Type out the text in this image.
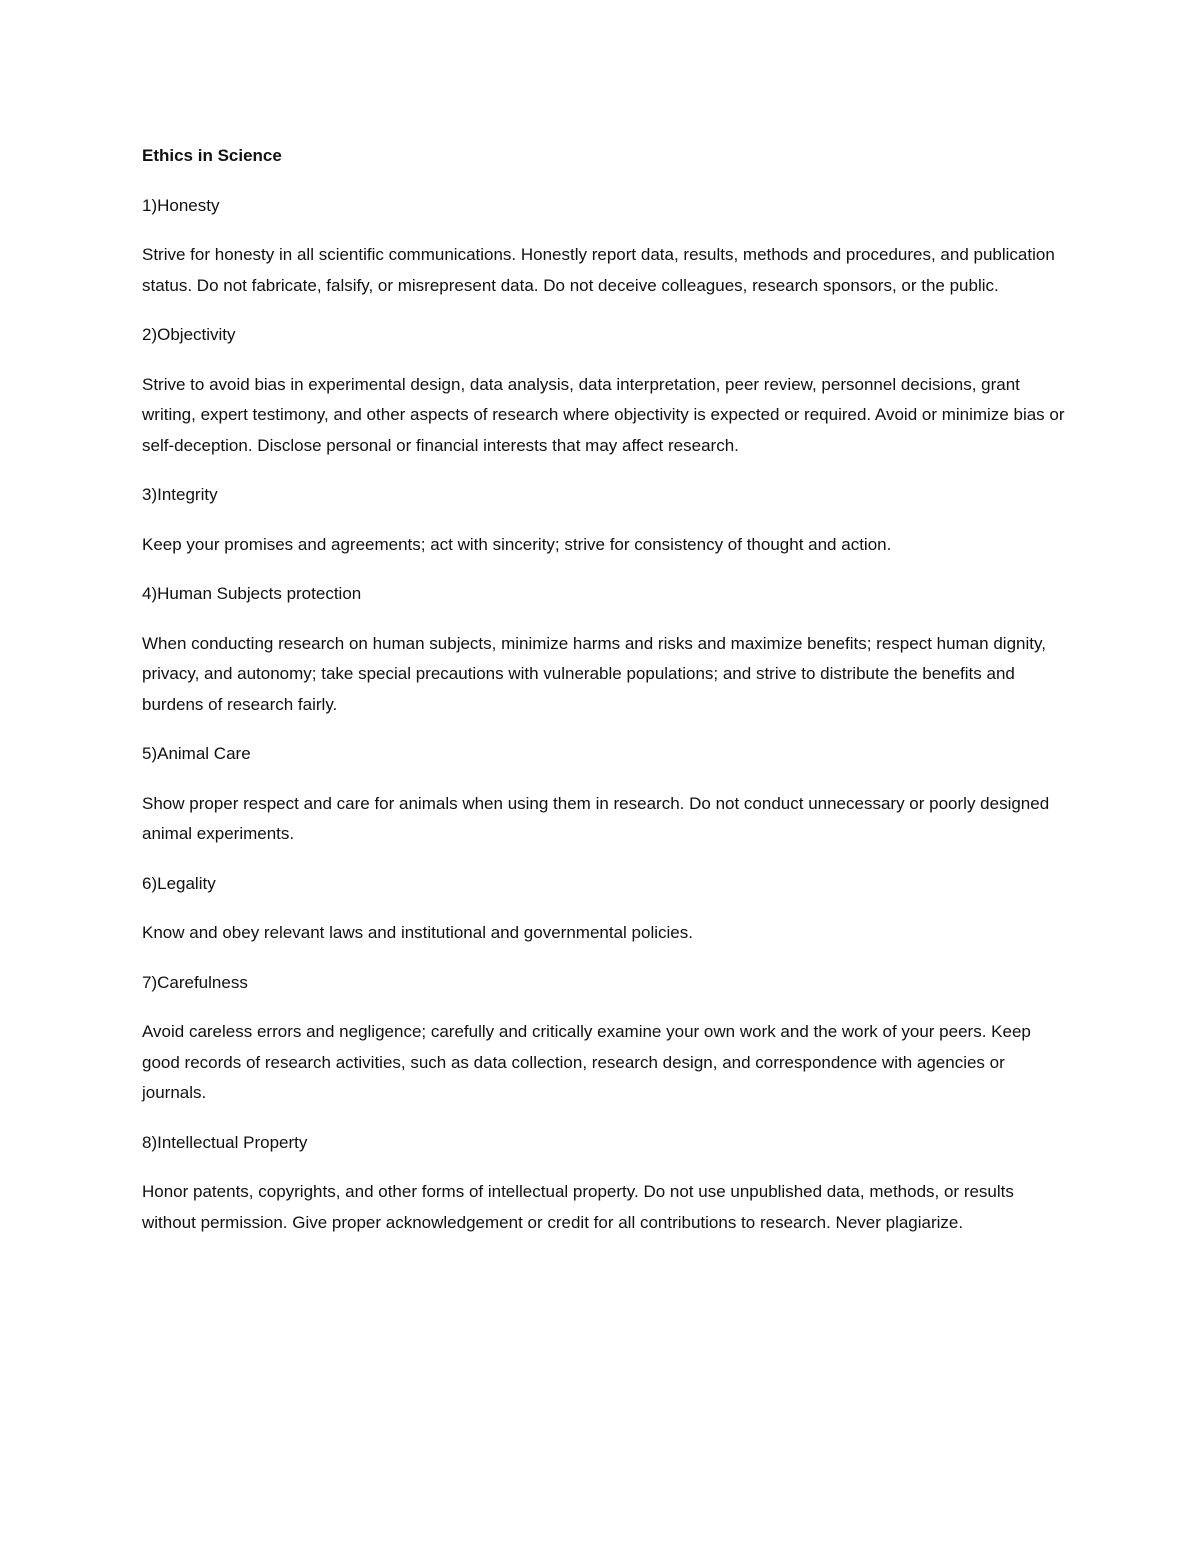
Ethics in Science
1)Honesty
Strive for honesty in all scientific communications. Honestly report data, results, methods and procedures, and publication status. Do not fabricate, falsify, or misrepresent data. Do not deceive colleagues, research sponsors, or the public.
2)Objectivity
Strive to avoid bias in experimental design, data analysis, data interpretation, peer review, personnel decisions, grant writing, expert testimony, and other aspects of research where objectivity is expected or required. Avoid or minimize bias or self-deception. Disclose personal or financial interests that may affect research.
3)Integrity
Keep your promises and agreements; act with sincerity; strive for consistency of thought and action.
4)Human Subjects protection
When conducting research on human subjects, minimize harms and risks and maximize benefits; respect human dignity, privacy, and autonomy; take special precautions with vulnerable populations; and strive to distribute the benefits and burdens of research fairly.
5)Animal Care
Show proper respect and care for animals when using them in research. Do not conduct unnecessary or poorly designed animal experiments.
6)Legality
Know and obey relevant laws and institutional and governmental policies.
7)Carefulness
Avoid careless errors and negligence; carefully and critically examine your own work and the work of your peers. Keep good records of research activities, such as data collection, research design, and correspondence with agencies or journals.
8)Intellectual Property
Honor patents, copyrights, and other forms of intellectual property. Do not use unpublished data, methods, or results without permission. Give proper acknowledgement or credit for all contributions to research. Never plagiarize.
